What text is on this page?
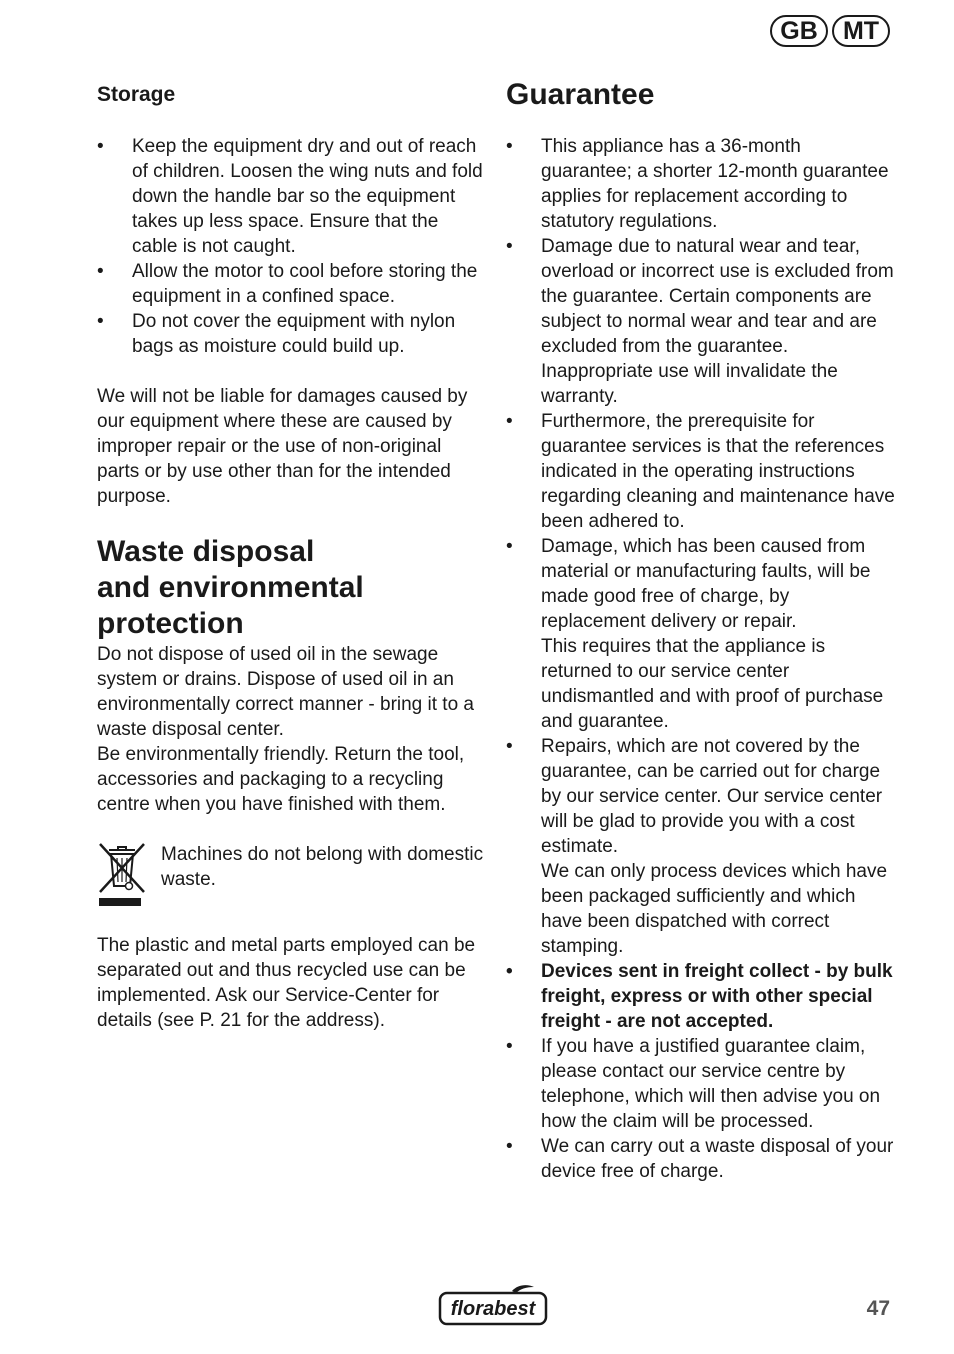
GB	MT
Storage
• Keep the equipment dry and out of reach of children. Loosen the wing nuts and fold down the handle bar so the equipment takes up less space. Ensure that the cable is not caught.
• Allow the motor to cool before storing the equipment in a confined space.
• Do not cover the equipment with nylon bags as moisture could build up.

We will not be liable for damages caused by our equipment where these are caused by improper repair or the use of non-original parts or by use other than for the intended purpose.

Waste disposal
and environmental
protection

Do not dispose of used oil in the sewage system or drains. Dispose of used oil in an environmentally correct manner - bring it to a waste disposal center.

Be environmentally friendly. Return the tool, accessories and packaging to a recycling centre when you have finished with them.

Machines do not belong with domestic waste.

The plastic and metal parts employed can be separated out and thus recycled use can be implemented. Ask our Service-Center for details (see P. 21 for the address).

Guarantee
• This appliance has a 36-month guarantee; a shorter 12-month guarantee applies for replacement according to statutory regulations.
• Damage due to natural wear and tear, overload or incorrect use is excluded from the guarantee. Certain components are subject to normal wear and tear and are excluded from the guarantee. Inappropriate use will invalidate the warranty.
• Furthermore, the prerequisite for guarantee services is that the references indicated in the operating instructions regarding cleaning and maintenance have been adhered to.
• Damage, which has been caused from material or manufacturing faults, will be made good free of charge, by replacement delivery or repair.
This requires that the appliance is returned to our service center undismantled and with proof of purchase and guarantee.
• Repairs, which are not covered by the guarantee, can be carried out for charge by our service center. Our service center will be glad to provide you with a cost estimate.
We can only process devices which have been packaged sufficiently and which have been dispatched with correct stamping.
• Devices sent in freight collect - by bulk freight, express or with other special freight - are not accepted.
• If you have a justified guarantee claim, please contact our service centre by telephone, which will then advise you on how the claim will be processed.
• We can carry out a waste disposal of your device free of charge.
florabest	47
